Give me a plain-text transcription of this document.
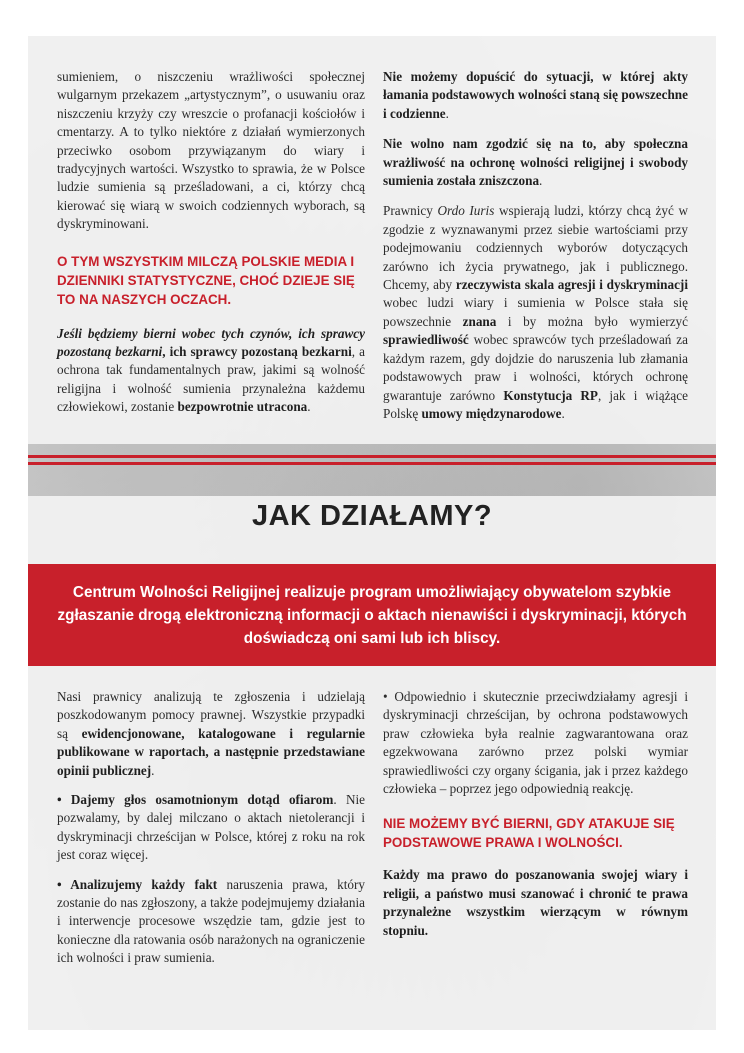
sumieniem, o niszczeniu wrażliwości społecznej wulgarnym przekazem „artystycznym”, o usuwaniu oraz niszczeniu krzyży czy wreszcie o profanacji kościołów i cmentarzy. A to tylko niektóre z działań wymierzonych przeciwko osobom przywiązanym do wiary i tradycyjnych wartości. Wszystko to sprawia, że w Polsce ludzie sumienia są prześladowani, a ci, którzy chcą kierować się wiarą w swoich codziennych wyborach, są dyskryminowani.

O TYM WSZYSTKIM MILCZĄ POLSKIE MEDIA I DZIENNIKI STATYSTYCZNE, CHOĆ DZIEJE SIĘ TO NA NASZYCH OCZACH.

Jeśli będziemy bierni wobec tych czynów, ich sprawcy pozostaną bezkarni, ich sprawcy pozostaną bezkarni, a ochrona tak fundamentalnych praw, jakimi są wolność religijna i wolność sumienia przynależna każdemu człowiekowi, zostanie bezpowrotnie utracona.

Nie możemy dopuścić do sytuacji, w której akty łamania podstawowych wolności staną się powszechne i codzienne.

Nie wolno nam zgodzić się na to, aby społeczna wrażliwość na ochronę wolności religijnej i swobody sumienia została zniszczona.

Prawnicy Ordo Iuris wspierają ludzi, którzy chcą żyć w zgodzie z wyznawanymi przez siebie wartościami przy podejmowaniu codziennych wyborów dotyczących zarówno ich życia prywatnego, jak i publicznego. Chcemy, aby rzeczywista skala agresji i dyskryminacji wobec ludzi wiary i sumienia w Polsce stała się powszechnie znana i by można było wymierzyć sprawiedliwość wobec sprawców tych prześladowań za każdym razem, gdy dojdzie do naruszenia lub złamania podstawowych praw i wolności, których ochronę gwarantuje zarówno Konstytucja RP, jak i wiążące Polskę umowy międzynarodowe.

JAK DZIAŁAMY?
Centrum Wolności Religijnej realizuje program umożliwiający obywatelom szybkie zgłaszanie drogą elektroniczną informacji o aktach nienawiści i dyskryminacji, których doświadczą oni sami lub ich bliscy.

Nasi prawnicy analizują te zgłoszenia i udzielają poszkodowanym pomocy prawnej. Wszystkie przypadki są ewidencjonowane, katalogowane i regularnie publikowane w raportach, a następnie przedstawiane opinii publicznej.

• Dajemy głos osamotnionym dotąd ofiarom. Nie pozwalamy, by dalej milczano o aktach nietolerancji i dyskryminacji chrześcijan w Polsce, której z roku na rok jest coraz więcej.

• Analizujemy każdy fakt naruszenia prawa, który zostanie do nas zgłoszony, a także podejmujemy działania i interwencje procesowe wszędzie tam, gdzie jest to konieczne dla ratowania osób narażonych na ograniczenie ich wolności i praw sumienia.

• Odpowiednio i skutecznie przeciwdziałamy agresji i dyskryminacji chrześcijan, by ochrona podstawowych praw człowieka była realnie zagwarantowana oraz egzekwowana zarówno przez polski wymiar sprawiedliwości czy organy ścigania, jak i przez każdego człowieka – poprzez jego odpowiednią reakcję.

NIE MOŻEMY BYĆ BIERNI, GDY ATAKUJE SIĘ PODSTAWOWE PRAWA I WOLNOŚCI.

Każdy ma prawo do poszanowania swojej wiary i religii, a państwo musi szanować i chronić te prawa przynależne wszystkim wierzącym w równym stopniu.
